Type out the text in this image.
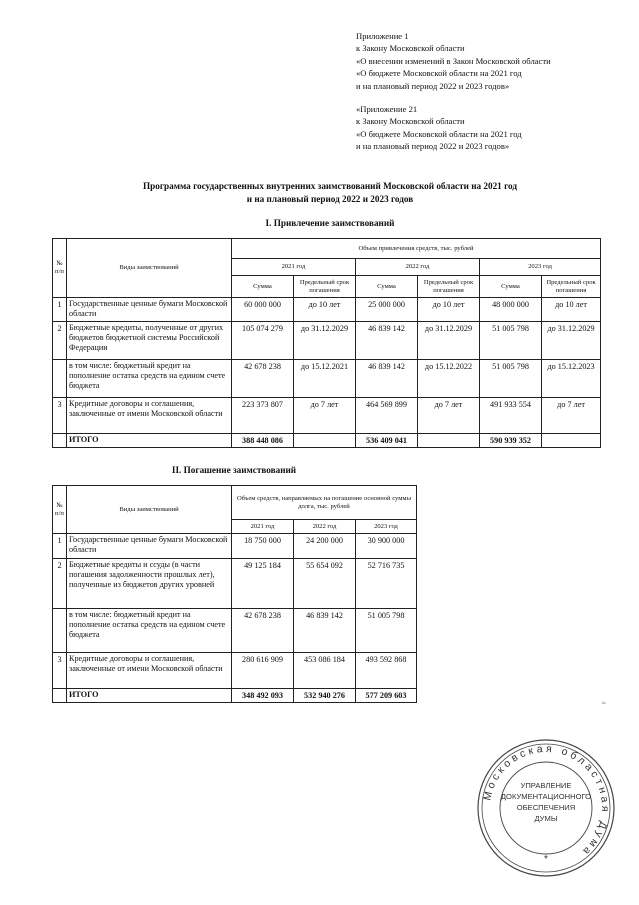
Приложение 1
к Закону Московской области
«О внесении изменений в Закон Московской области
«О бюджете Московской области на 2021 год
и на плановый период 2022 и 2023 годов»
«Приложение 21
к Закону Московской области
«О бюджете Московской области на 2021 год
и на плановый период 2022 и 2023 годов»
Программа государственных внутренних заимствований Московской области на 2021 год
и на плановый период 2022 и 2023 годов
I. Привлечение заимствований
№ п/п	Виды заимствований	Объем привлечения средств, тыс. рублей					
		2021 год		2022 год		2023 год	
		Сумма	Предельный срок погашения	Сумма	Предельный срок погашения	Сумма	Предельный срок погашения
1	Государственные ценные бумаги Московской области	60 000 000	до 10 лет	25 000 000	до 10 лет	48 000 000	до 10 лет
2	Бюджетные кредиты, полученные от других бюджетов бюджетной системы Российской Федерации	105 074 279	до 31.12.2029	46 839 142	до 31.12.2029	51 005 798	до 31.12.2029
	в том числе: бюджетный кредит на пополнение остатка средств на едином счете бюджета	42 678 238	до 15.12.2021	46 839 142	до 15.12.2022	51 005 798	до 15.12.2023
3	Кредитные договоры и соглашения, заключенные от имени Московской области	223 373 807	до 7 лет	464 569 899	до 7 лет	491 933 554	до 7 лет
	ИТОГО	388 448 086		536 409 041		590 939 352	
II. Погашение заимствований
№ п/п	Виды заимствований	Объем средств, направляемых на погашение основной суммы долга, тыс. рублей		
		2021 год	2022 год	2023 год
1	Государственные ценные бумаги Московской области	18 750 000	24 200 000	30 900 000
2	Бюджетные кредиты и ссуды (в части погашения задолженности прошлых лет), полученные из бюджетов других уровней	49 125 184	55 654 092	52 716 735
	в том числе: бюджетный кредит на пополнение остатка средств на едином счете бюджета	42 678 238	46 839 142	51 005 798
3	Кредитные договоры и соглашения, заключенные от имени Московской области	280 616 909	453 086 184	493 592 868
	ИТОГО	348 492 093	532 940 276	577 209 603
».
Московская областная Дума
УПРАВЛЕНИЕ
ДОКУМЕНТАЦИОННОГО
ОБЕСПЕЧЕНИЯ
ДУМЫ
*
